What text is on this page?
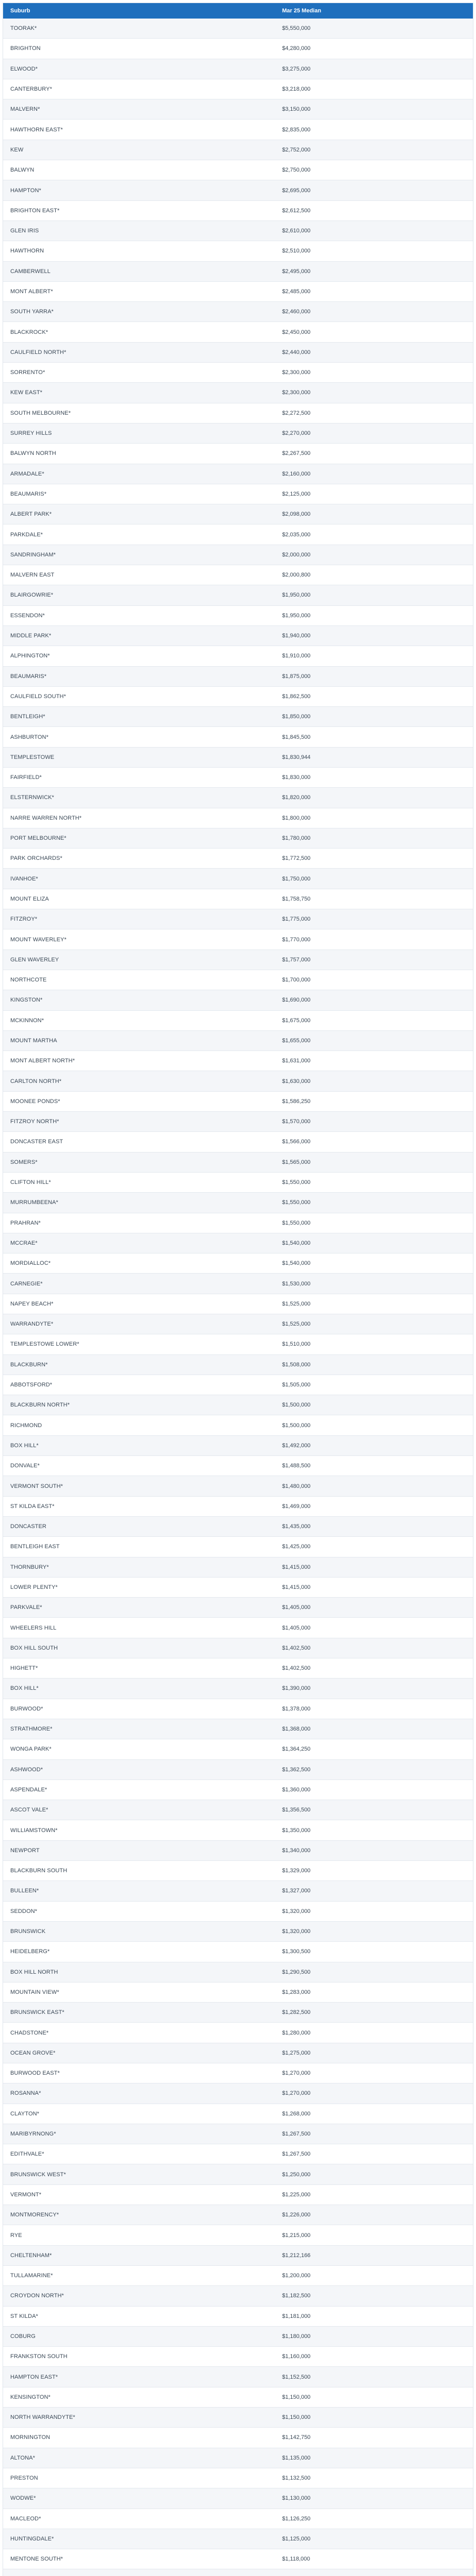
Suburb	Mar 25 Median
TOORAK*	$5,550,000
BRIGHTON	$4,280,000
ELWOOD*	$3,275,000
CANTERBURY*	$3,218,000
MALVERN*	$3,150,000
HAWTHORN EAST*	$2,835,000
KEW	$2,752,000
BALWYN	$2,750,000
HAMPTON*	$2,695,000
BRIGHTON EAST*	$2,612,500
GLEN IRIS	$2,610,000
HAWTHORN	$2,510,000
CAMBERWELL	$2,495,000
MONT ALBERT*	$2,485,000
SOUTH YARRA*	$2,460,000
BLACKROCK*	$2,450,000
CAULFIELD NORTH*	$2,440,000
SORRENTO*	$2,300,000
KEW EAST*	$2,300,000
SOUTH MELBOURNE*	$2,272,500
SURREY HILLS	$2,270,000
BALWYN NORTH	$2,267,500
ARMADALE*	$2,160,000
BEAUMARIS*	$2,125,000
ALBERT PARK*	$2,098,000
PARKDALE*	$2,035,000
SANDRINGHAM*	$2,000,000
MALVERN EAST	$2,000,800
BLAIRGOWRIE*	$1,950,000
ESSENDON*	$1,950,000
MIDDLE PARK*	$1,940,000
ALPHINGTON*	$1,910,000
BEAUMARIS*	$1,875,000
CAULFIELD SOUTH*	$1,862,500
BENTLEIGH*	$1,850,000
ASHBURTON*	$1,845,500
TEMPLESTOWE	$1,830,944
FAIRFIELD*	$1,830,000
ELSTERNWICK*	$1,820,000
NARRE WARREN NORTH*	$1,800,000
PORT MELBOURNE*	$1,780,000
PARK ORCHARDS*	$1,772,500
IVANHOE*	$1,750,000
MOUNT ELIZA	$1,758,750
FITZROY*	$1,775,000
MOUNT WAVERLEY*	$1,770,000
GLEN WAVERLEY	$1,757,000
NORTHCOTE	$1,700,000
KINGSTON*	$1,690,000
MCKINNON*	$1,675,000
MOUNT MARTHA	$1,655,000
MONT ALBERT NORTH*	$1,631,000
CARLTON NORTH*	$1,630,000
MOONEE PONDS*	$1,586,250
FITZROY NORTH*	$1,570,000
DONCASTER EAST	$1,566,000
SOMERS*	$1,565,000
CLIFTON HILL*	$1,550,000
MURRUMBEENA*	$1,550,000
PRAHRAN*	$1,550,000
MCCRAE*	$1,540,000
MORDIALLOC*	$1,540,000
CARNEGIE*	$1,530,000
NAPEY BEACH*	$1,525,000
WARRANDYTE*	$1,525,000
TEMPLESTOWE LOWER*	$1,510,000
BLACKBURN*	$1,508,000
ABBOTSFORD*	$1,505,000
BLACKBURN NORTH*	$1,500,000
RICHMOND	$1,500,000
BOX HILL*	$1,492,000
DONVALE*	$1,488,500
VERMONT SOUTH*	$1,480,000
ST KILDA EAST*	$1,469,000
DONCASTER	$1,435,000
BENTLEIGH EAST	$1,425,000
THORNBURY*	$1,415,000
LOWER PLENTY*	$1,415,000
PARKVALE*	$1,405,000
WHEELERS HILL	$1,405,000
BOX HILL SOUTH	$1,402,500
HIGHETT*	$1,402,500
BOX HILL*	$1,390,000
BURWOOD*	$1,378,000
STRATHMORE*	$1,368,000
WONGA PARK*	$1,364,250
ASHWOOD*	$1,362,500
ASPENDALE*	$1,360,000
ASCOT VALE*	$1,356,500
WILLIAMSTOWN*	$1,350,000
NEWPORT	$1,340,000
BLACKBURN SOUTH	$1,329,000
BULLEEN*	$1,327,000
SEDDON*	$1,320,000
BRUNSWICK	$1,320,000
HEIDELBERG*	$1,300,500
BOX HILL NORTH	$1,290,500
MOUNTAIN VIEW*	$1,283,000
BRUNSWICK EAST*	$1,282,500
CHADSTONE*	$1,280,000
OCEAN GROVE*	$1,275,000
BURWOOD EAST*	$1,270,000
ROSANNA*	$1,270,000
CLAYTON*	$1,268,000
MARIBYRNONG*	$1,267,500
EDITHVALE*	$1,267,500
BRUNSWICK WEST*	$1,250,000
VERMONT*	$1,225,000
MONTMORENCY*	$1,226,000
RYE	$1,215,000
CHELTENHAM*	$1,212,166
TULLAMARINE*	$1,200,000
CROYDON NORTH*	$1,182,500
ST KILDA*	$1,181,000
COBURG	$1,180,000
FRANKSTON SOUTH	$1,160,000
HAMPTON EAST*	$1,152,500
KENSINGTON*	$1,150,000
NORTH WARRANDYTE*	$1,150,000
MORNINGTON	$1,142,750
ALTONA*	$1,135,000
PRESTON	$1,132,500
WODWE*	$1,130,000
MACLEOD*	$1,126,250
HUNTINGDALE*	$1,125,000
MENTONE SOUTH*	$1,118,000
